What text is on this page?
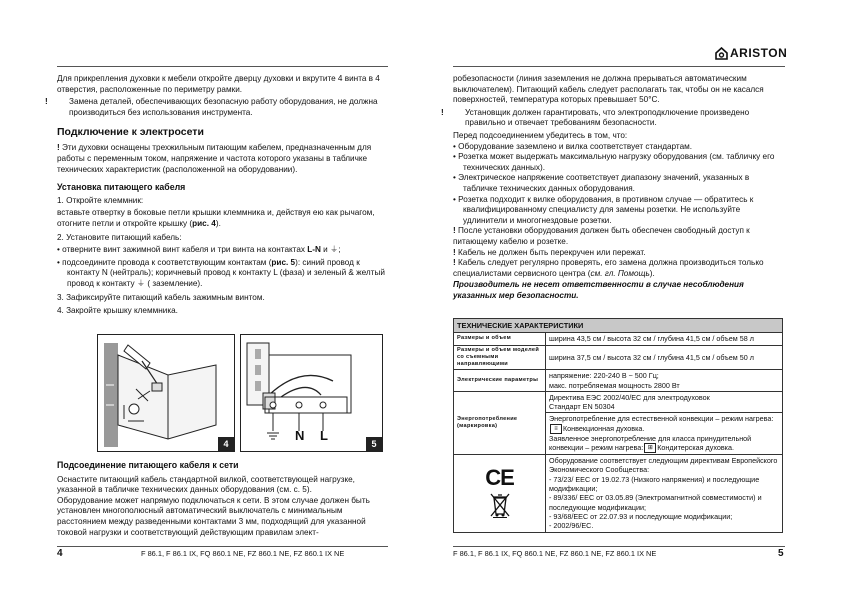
ARISTON

Для прикрепления духовки к мебели откройте дверцу духовки и вкрутите 4 винта в 4 отверстия, расположенные по периметру рамки.

!	Замена деталей, обеспечивающих безопасную работу оборудования, не должна производиться без использования инструмента.

Подключение к электросети

! Эти духовки оснащены трехжильным питающим кабелем, предназначенным для работы с переменным током, напряжение и частота которого указаны в табличке технических характеристик (расположенной на оборудовании).

Установка питающего кабеля

1. Откройте клеммник:

вставьте отвертку в боковые петли крышки клеммника и, действуя ею как рычагом, отогните петли и откройте крышку (рис. 4).

2. Установите питающий кабель:

• отверните винт зажимной винт кабеля и три винта на контактах L-N и ⏚;

• подсоедините провода к соответствующим контактам (рис. 5): синий провод к контакту N (нейтраль); коричневый провод к контакту L (фаза) и зеленый & желтый провод к контакту ⏚ ( заземление).

3. Зафиксируйте питающий кабель зажимным винтом.

4. Закройте крышку клеммника.

4
N L
5

Подсоединение питающего кабеля к сети

Оснастите питающий кабель стандартной вилкой, соответствующей нагрузке, указанной в табличке технических данных оборудования (см. с. 5).

Оборудование может напрямую подключаться к сети. В этом случае должен быть установлен многополюсный автоматический выключатель с минимальным расстоянием между разведенными контактами 3 мм, подходящий для указанной токовой нагрузки и соответствующий действующим правилам элект-

4	F 86.1, F 86.1 IX, FQ 860.1 NE, FZ 860.1 NE, FZ 860.1 IX NE	F 86.1, F 86.1 IX, FQ 860.1 NE, FZ 860.1 NE, FZ 860.1 IX NE	5

робезопасности (линия заземления не должна прерываться автоматическим выключателем). Питающий кабель следует располагать так, чтобы он не касался поверхностей, температура которых превышает 50°С.

!	Установщик должен гарантировать, что электроподключение произведено правильно и отвечает требованиям безопасности.

Перед подсоединением убедитесь в том, что:

• Оборудование заземлено и вилка соответствует стандартам.

• Розетка может выдержать максимальную нагрузку оборудования (см. табличку его технических данных).

• Электрическое напряжение соответствует диапазону значений, указанных в табличке технических данных оборудования.

• Розетка подходит к вилке оборудования, в противном случае — обратитесь к квалифицированному специалисту для замены розетки. Не используйте удлинители и многогнездовые розетки.

! После установки оборудования должен быть обеспечен свободный доступ к питающему кабелю и розетке.

! Кабель не должен быть перекручен или пережат.

! Кабель следует регулярно проверять, его замена должна производиться только специалистами сервисного центра (см. гл. Помощь).

Производитель не несет ответственности в случае несоблюдения указанных мер безопасности.

ТЕХНИЧЕСКИЕ ХАРАКТЕРИСТИКИ	
Размеры и объем	ширина 43,5 см / высота 32 см / глубина 41,5 см / объем 58 л
Размеры и объем моделей со съемными направляющими	ширина 37,5 см / высота 32 см / глубина 41,5 см / объем 50 л
Электрические параметры	напряжение: 220-240 В ~ 500 Гц;
макс. потребляемая мощность 2800 Вт

Энергопотребление (маркировка)	Директива ЕЭС 2002/40/EC для электродуховок
Стандарт EN 50304

	Энергопотребление для естественной конвекции – режим нагрева: ≡ Конвекционная духовка.
Заявленное энергопотребление для класса принудительной конвекции – режим нагрева: ⊞ Кондитерская духовка.

CE	Оборудование соответствует следующим директивам Европейского Экономического Сообщества:
- 73/23/ EEC от 19.02.73 (Низкого напряжения) и последующие модификации;
- 89/336/ EEC от 03.05.89 (Электромагнитной совместимости) и последующие модификации;
- 93/68/EEC от 22.07.93 и последующие модификации;
- 2002/96/EC.
